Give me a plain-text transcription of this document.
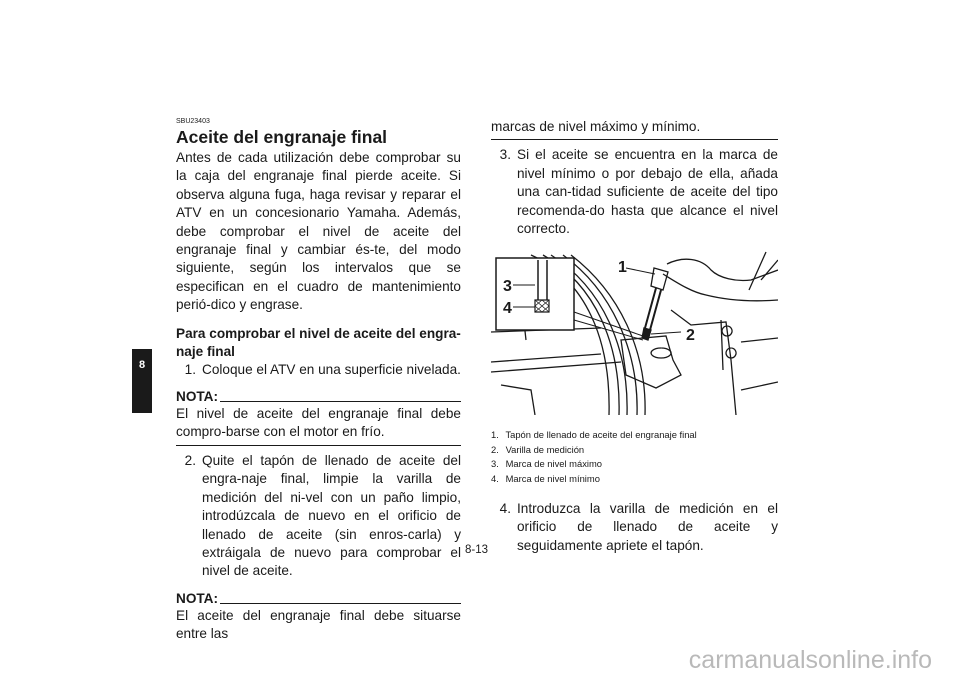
8
SBU23403
Aceite del engranaje final

Antes de cada utilización debe comprobar su la caja del engranaje final pierde aceite. Si observa alguna fuga, haga revisar y reparar el ATV en un concesionario Yamaha. Además, debe comprobar el nivel de aceite del engranaje final y cambiar és-te, del modo siguiente, según los intervalos que se especifican en el cuadro de mantenimiento perió-dico y engrase.

Para comprobar el nivel de aceite del engra-naje final
1. Coloque el ATV en una superficie nivelada.
NOTA:

El nivel de aceite del engranaje final debe compro-barse con el motor en frío.

2. Quite el tapón de llenado de aceite del engra-naje final, limpie la varilla de medición del ni-vel con un paño limpio, introdúzcala de nuevo en el orificio de llenado de aceite (sin enros-carla) y extráigala de nuevo para comprobar el nivel de aceite.
NOTA:

El aceite del engranaje final debe situarse entre las

marcas de nivel máximo y mínimo.

3. Si el aceite se encuentra en la marca de nivel mínimo o por debajo de ella, añada una can-tidad suficiente de aceite del tipo recomenda-do hasta que alcance el nivel correcto.
1
2
3
4
1. Tapón de llenado de aceite del engranaje final
2. Varilla de medición
3. Marca de nivel máximo
4. Marca de nivel mínimo
4. Introduzca la varilla de medición en el orificio de llenado de aceite y seguidamente apriete el tapón.
8-13
carmanualsonline.info
